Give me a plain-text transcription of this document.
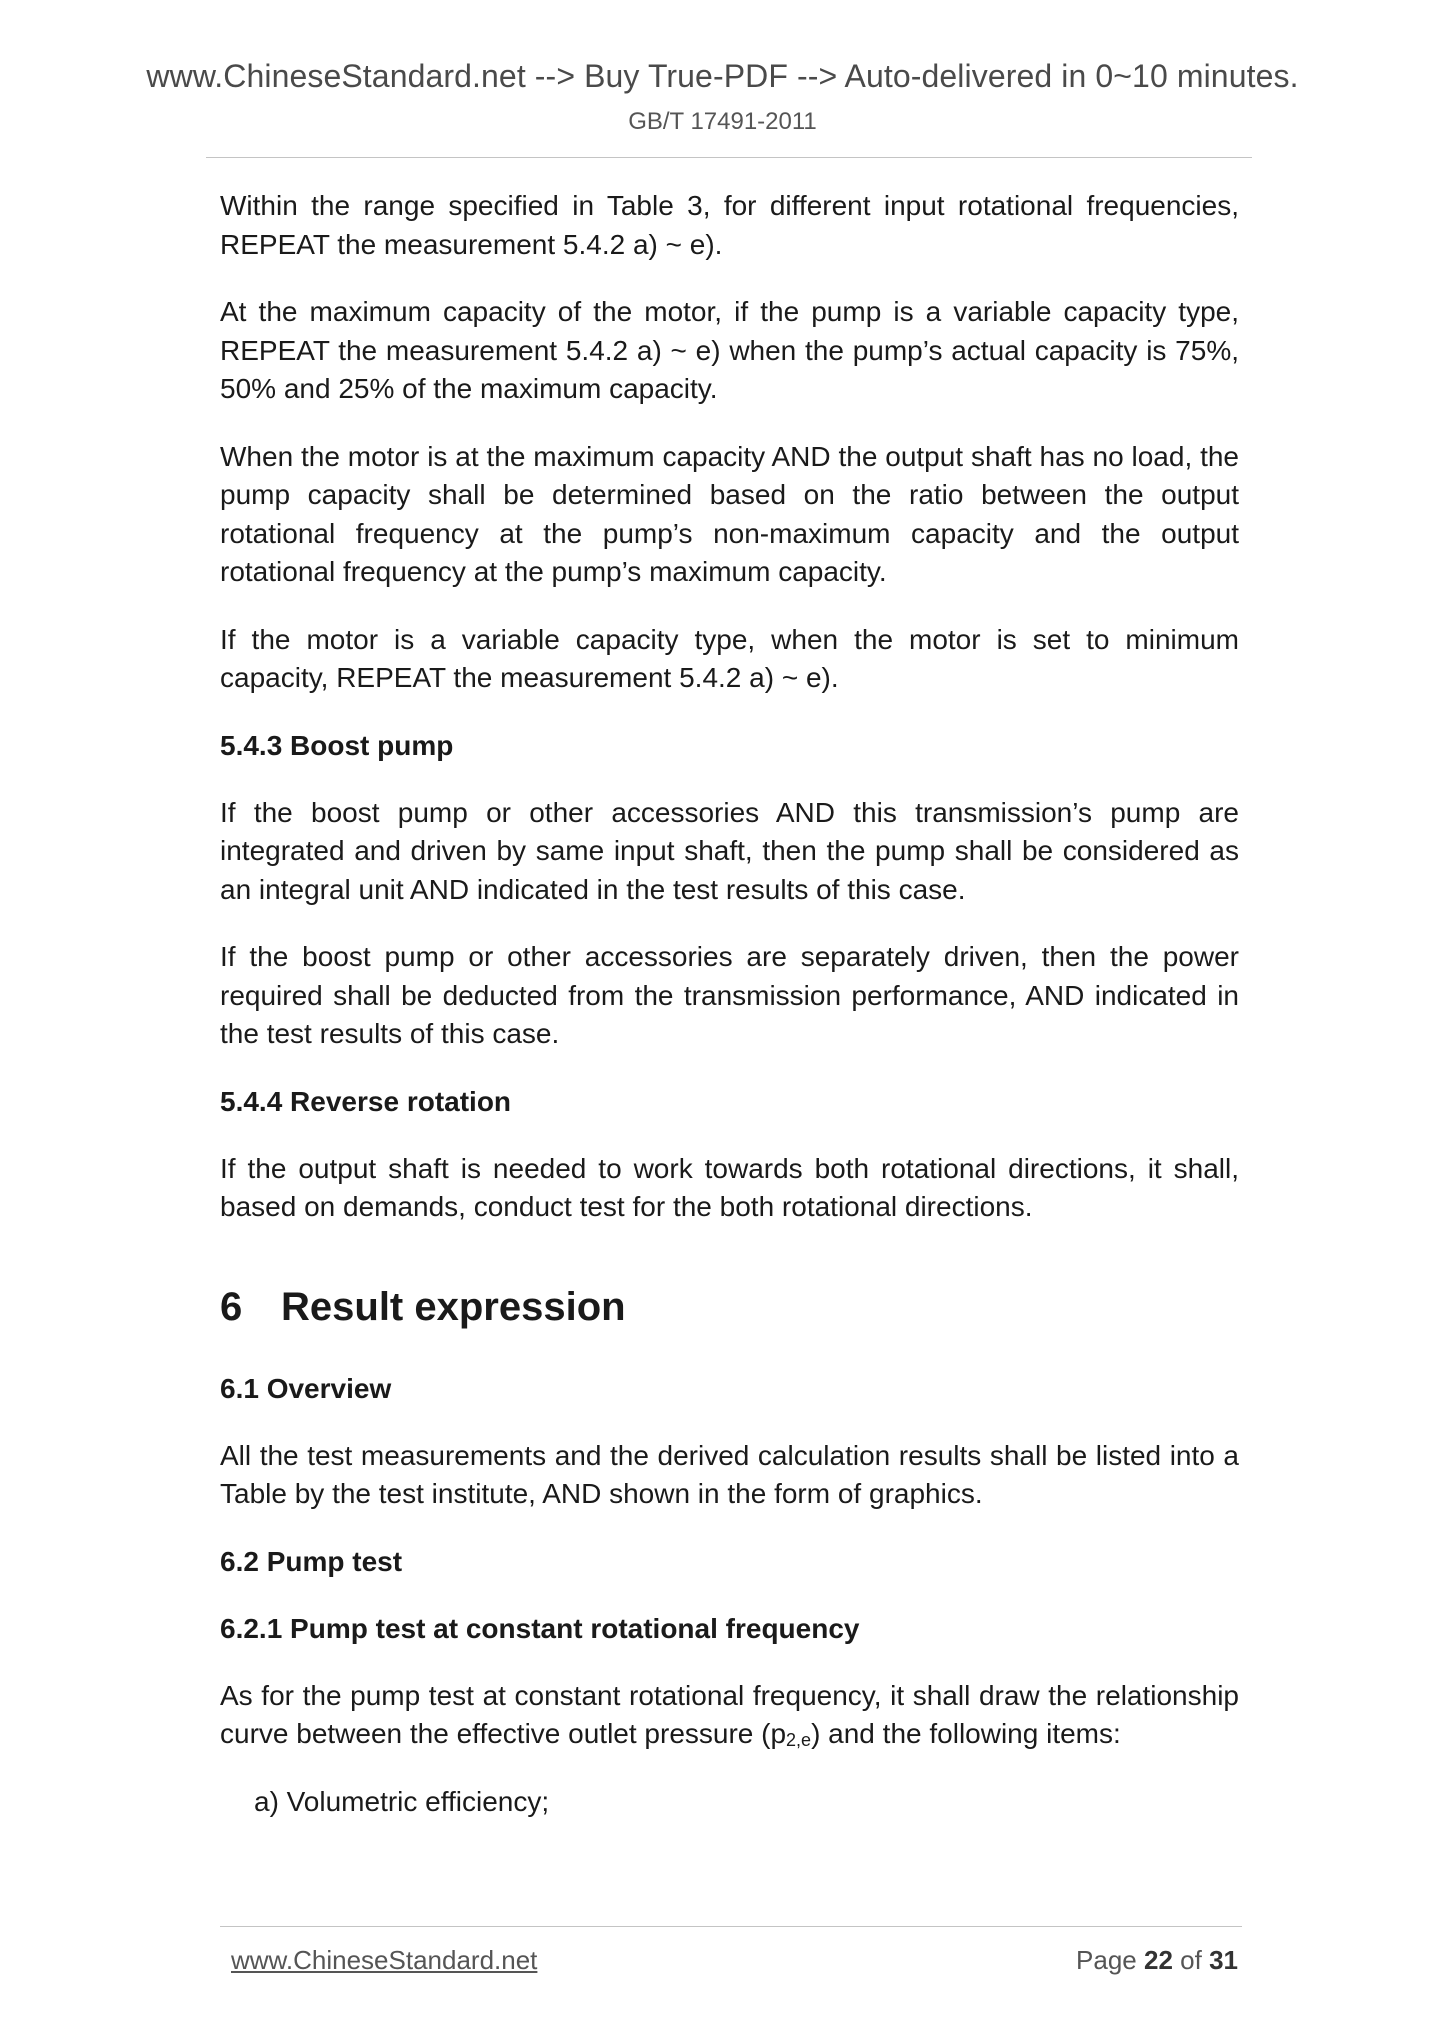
www.ChineseStandard.net --> Buy True-PDF --> Auto-delivered in 0~10 minutes.
GB/T 17491-2011

Within the range specified in Table 3, for different input rotational frequencies, REPEAT the measurement 5.4.2 a) ~ e).

At the maximum capacity of the motor, if the pump is a variable capacity type, REPEAT the measurement 5.4.2 a) ~ e) when the pump’s actual capacity is 75%, 50% and 25% of the maximum capacity.

When the motor is at the maximum capacity AND the output shaft has no load, the pump capacity shall be determined based on the ratio between the output rotational frequency at the pump’s non-maximum capacity and the output rotational frequency at the pump’s maximum capacity.

If the motor is a variable capacity type, when the motor is set to minimum capacity, REPEAT the measurement 5.4.2 a) ~ e).

5.4.3 Boost pump

If the boost pump or other accessories AND this transmission’s pump are integrated and driven by same input shaft, then the pump shall be considered as an integral unit AND indicated in the test results of this case.

If the boost pump or other accessories are separately driven, then the power required shall be deducted from the transmission performance, AND indicated in the test results of this case.

5.4.4 Reverse rotation

If the output shaft is needed to work towards both rotational directions, it shall, based on demands, conduct test for the both rotational directions.

6 Result expression
6.1 Overview

All the test measurements and the derived calculation results shall be listed into a Table by the test institute, AND shown in the form of graphics.

6.2 Pump test
6.2.1 Pump test at constant rotational frequency

As for the pump test at constant rotational frequency, it shall draw the relationship curve between the effective outlet pressure $(p_{2,e})$ and the following items:

a) Volumetric efficiency;
www.ChineseStandard.net	Page 22 of 31
